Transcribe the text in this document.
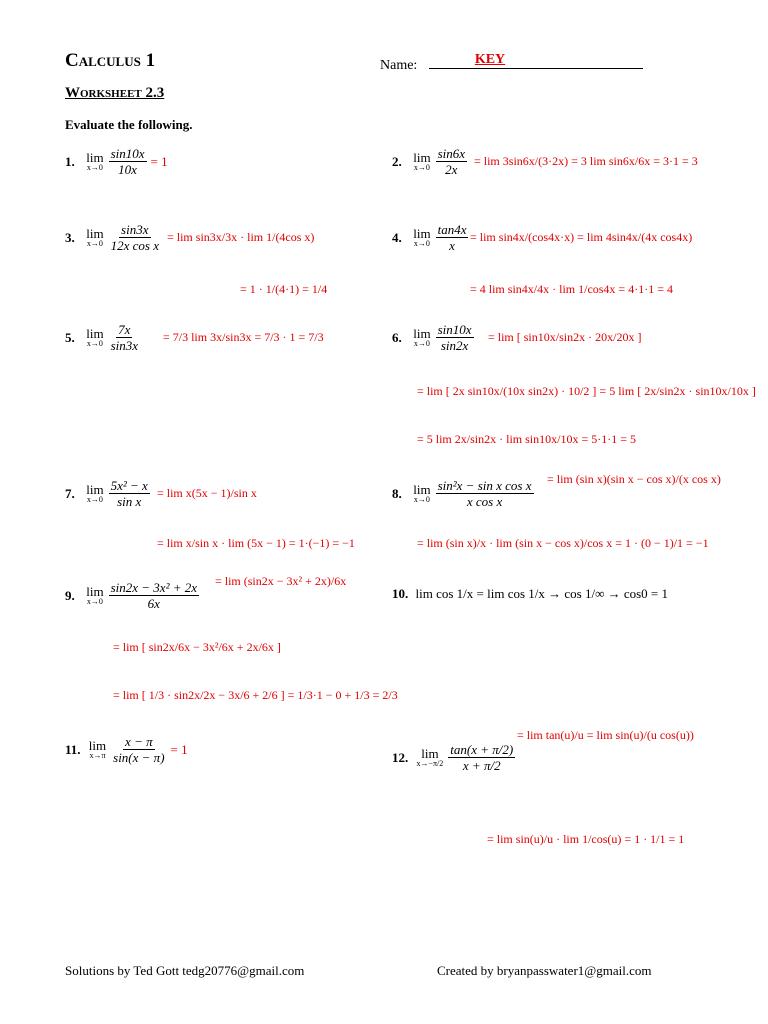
Calculus 1
Worksheet 2.3
Name:	KEY
Evaluate the following.
1.
lim
$x\to 0 \frac{\sin 10x}{10x} = 1$	2.
lim
$x\to 0 \frac{\sin 6x}{2x} = \lim 3\sin 6x/(3\cdot 2x) = 3$ lim sin6x/6x = 3·1 = 3
3.
lim
$x\to 0 \frac{\sin 3x}{\text{12x cos x}} = \lim \sin 3x/3x \cdot \lim 1/(4\cos$ x)
= 1 · 1/(4·1) = 1/4
4.
lim
$x\to 0 \frac{\tan 4x}{x} = \lim \sin 4x/(\cos 4x\cdot x) = \lim 4\sin 4x/(4x$ cos4x)
= 4 lim sin4x/4x · lim 1/cos4x = 4·1·1 = 4
5.
lim
$x\to 0 \frac{7x}{\sin 3x} = 7/3$ lim 3x/sin3x = 7/3 · 1 = 7/3	6.
lim
$x\to 0 \frac{\sin 10x}{\sin 2x} = \lim$ [ sin10x/sin2x · 20x/20x ]
= lim [ 2x sin10x/(10x sin2x) · 10/2 ] = 5 lim [ 2x/sin2x · sin10x/10x ]
= 5 lim 2x/sin2x · lim sin10x/10x = 5·1·1 = 5
7.
lim
$x\to 0 \frac{\text{5x² − x}}{\text{sin x}} = \lim x(5x - 1)/\sin$ x
= lim x/sin x · lim (5x − 1) = 1·(−1) = −1
8.
lim
$x\to 0 \frac{\text{sin²x − sin x cos x}}{\text{x cos x}} = \lim (\sin$ x)(sin x − cos x)/(x cos x)
= lim (sin x)/x · lim (sin x − cos x)/cos x = 1 · (0 − 1)/1 = −1
9.
lim
$x\to 0 \frac{\text{sin2x − 3x² + 2x}}{6x} = \lim (\sin 2x - 3x^2 + 2x)/6x$
= lim [ sin2x/6x − 3x²/6x + 2x/6x ]
= lim [ 1/3 · sin2x/2x − 3x/6 + 2/6 ] = 1/3·1 − 0 + 1/3 = 2/3
10.
lim cos 1/x = lim cos 1/x → cos 1/∞ → cos0 = 1
11.
lim
$x\to\pi \frac{x - \pi}{\sin(x - \pi)} = 1$
12.
lim
$x\to-\pi/2 \frac{\tan(x + \pi/2)}{x + \pi/2}$
= lim tan(u)/u = lim sin(u)/(u cos(u))
= lim sin(u)/u · lim 1/cos(u) = 1 · 1/1 = 1
Solutions by Ted Gott tedg20776@gmail.com	Created by bryanpasswater1@gmail.com
